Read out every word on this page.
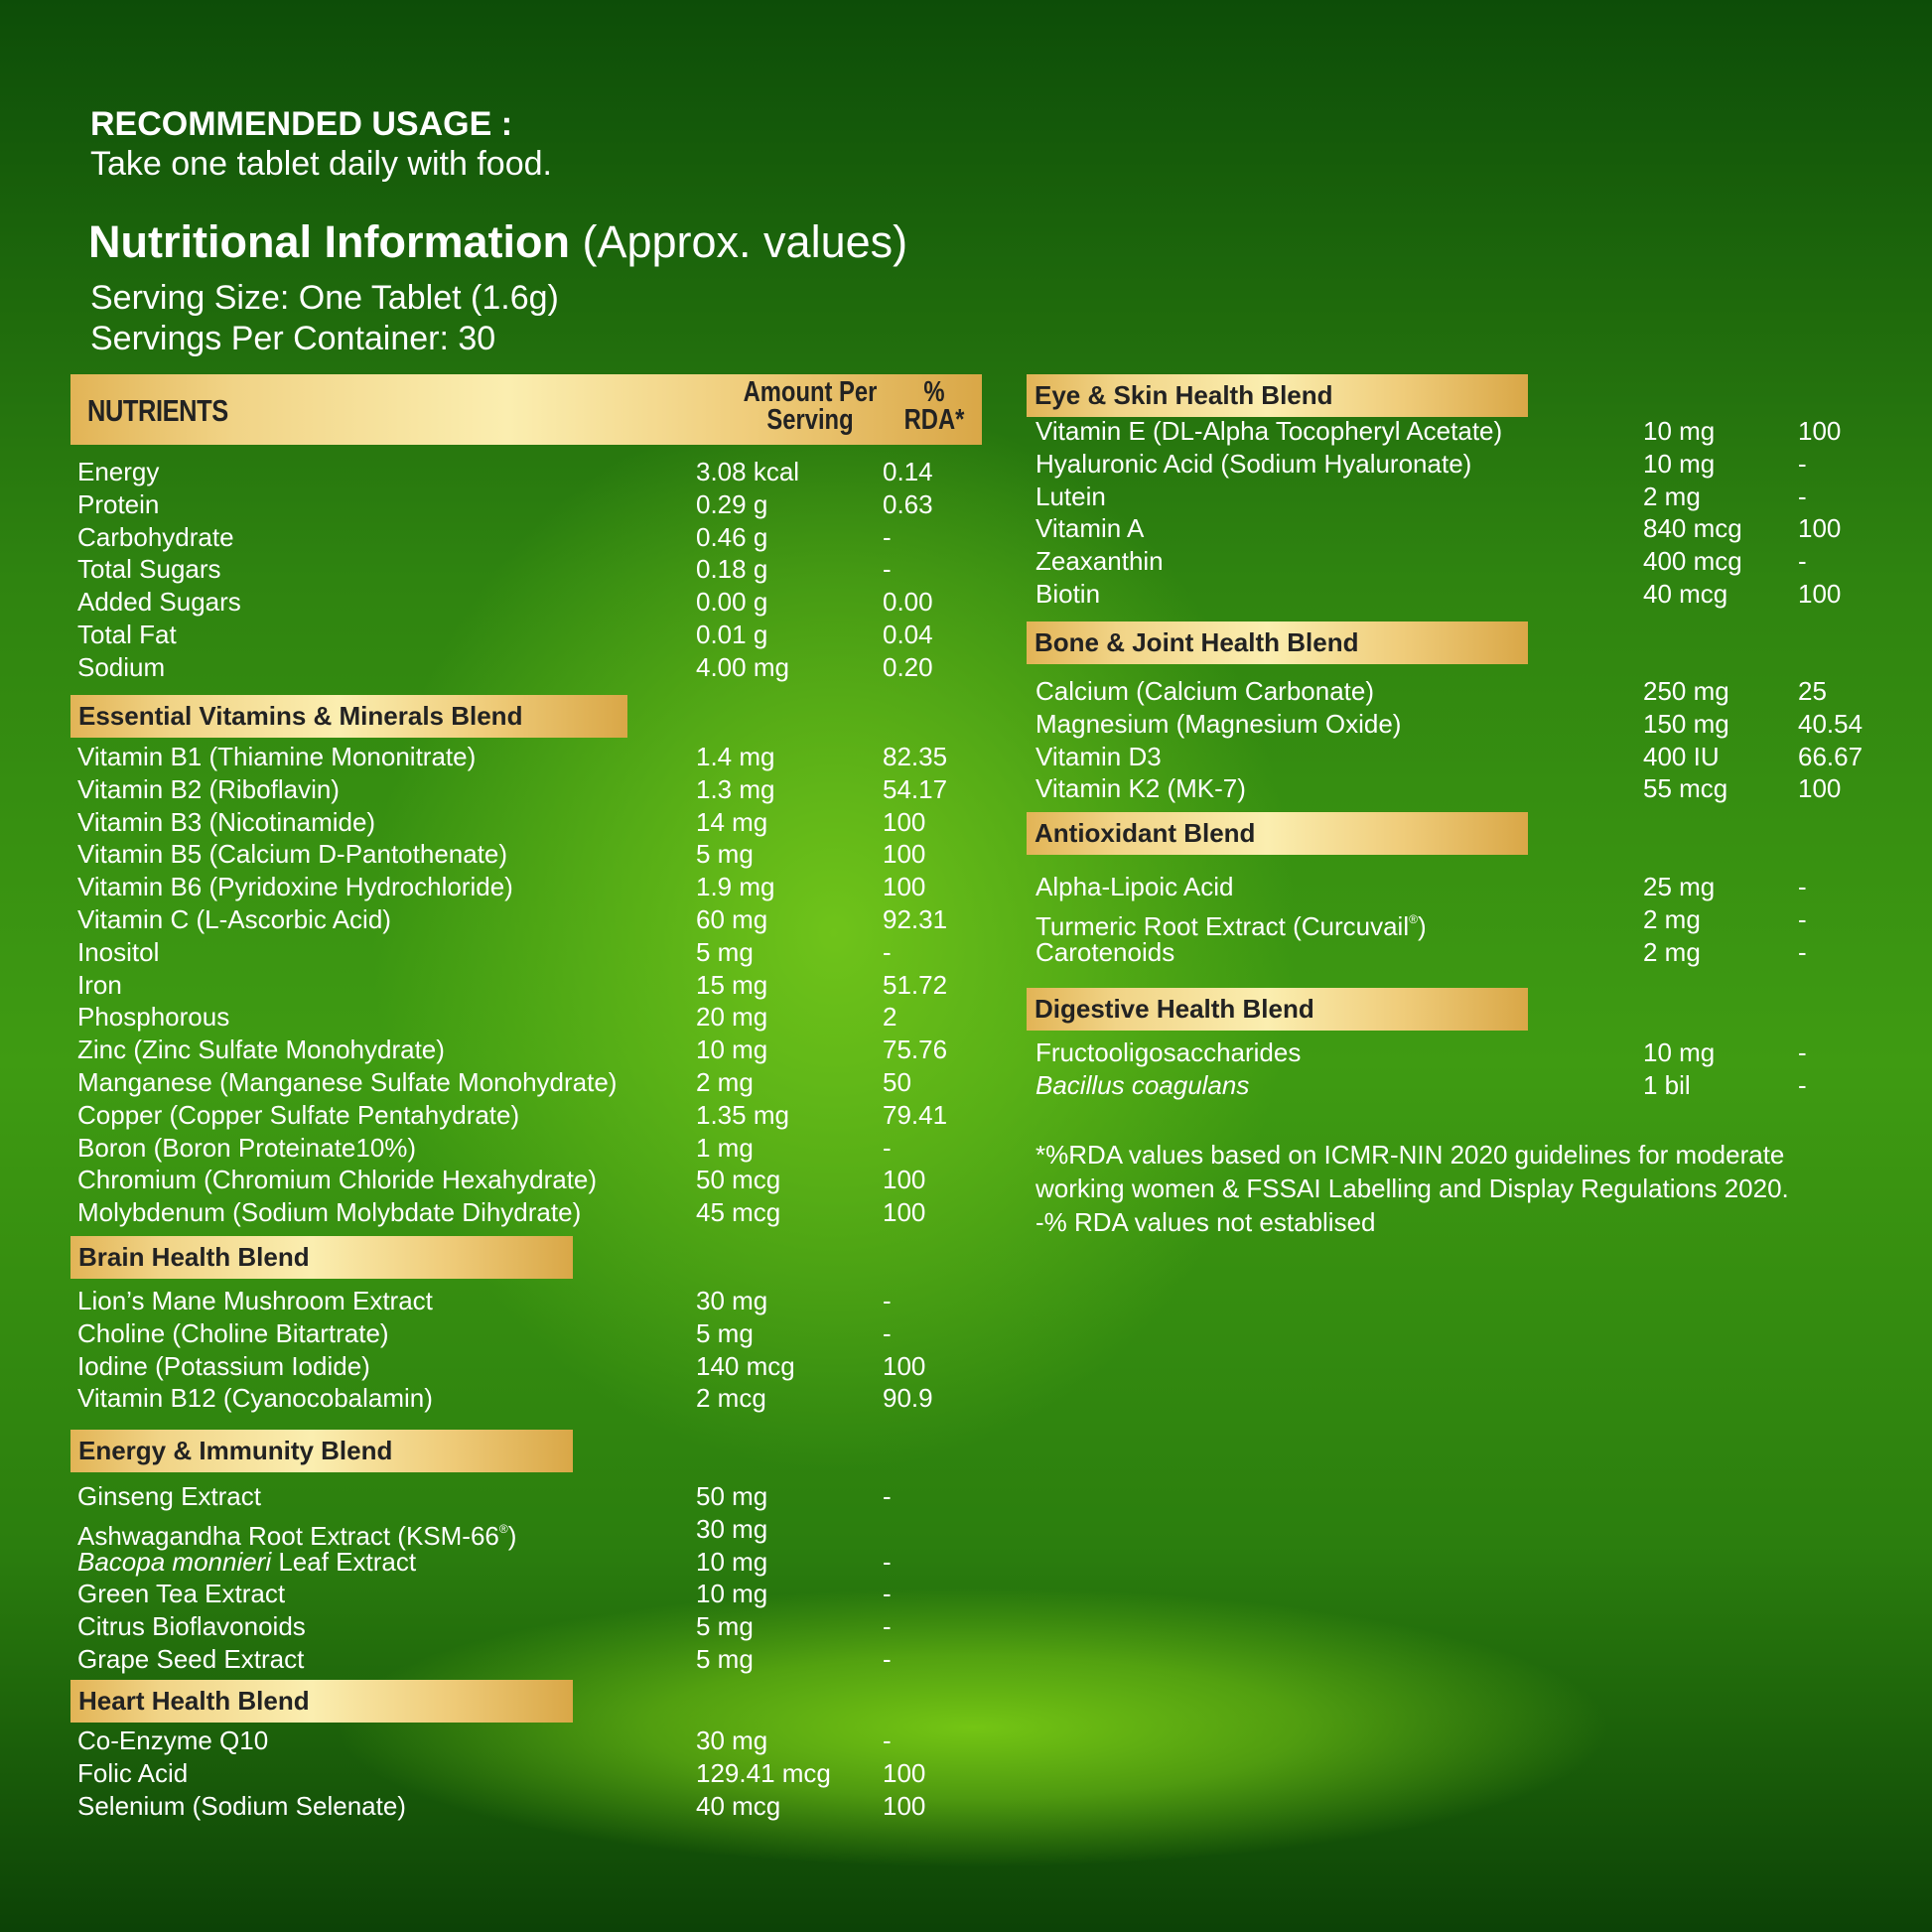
RECOMMENDED USAGE :
Take one tablet daily with food.
Nutritional Information (Approx. values)
Serving Size: One Tablet (1.6g)
Servings Per Container: 30
NUTRIENTS
Amount Per
Serving
%
RDA*
Energy	3.08 kcal	0.14
Protein	0.29 g	0.63
Carbohydrate	0.46 g	-
Total Sugars	0.18 g	-
Added Sugars	0.00 g	0.00
Total Fat	0.01 g	0.04
Sodium	4.00 mg	0.20
Essential Vitamins & Minerals Blend
Vitamin B1 (Thiamine Mononitrate)	1.4 mg	82.35
Vitamin B2 (Riboflavin)	1.3 mg	54.17
Vitamin B3 (Nicotinamide)	14 mg	100
Vitamin B5 (Calcium D-Pantothenate)	5 mg	100
Vitamin B6 (Pyridoxine Hydrochloride)	1.9 mg	100
Vitamin C (L-Ascorbic Acid)	60 mg	92.31
Inositol	5 mg	-
Iron	15 mg	51.72
Phosphorous	20 mg	2
Zinc (Zinc Sulfate Monohydrate)	10 mg	75.76
Manganese (Manganese Sulfate Monohydrate)	2 mg	50
Copper (Copper Sulfate Pentahydrate)	1.35 mg	79.41
Boron (Boron Proteinate10%)	1 mg	-
Chromium (Chromium Chloride Hexahydrate)	50 mcg	100
Molybdenum (Sodium Molybdate Dihydrate)	45 mcg	100
Brain Health Blend
Lion’s Mane Mushroom Extract	30 mg	-
Choline (Choline Bitartrate)	5 mg	-
Iodine (Potassium Iodide)	140 mcg	100
Vitamin B12 (Cyanocobalamin)	2 mcg	90.9
Energy & Immunity Blend
Ginseng Extract	50 mg	-
Ashwagandha Root Extract (KSM-66®)	30 mg
Bacopa monnieri Leaf Extract	10 mg	-
Green Tea Extract	10 mg	-
Citrus Bioflavonoids	5 mg	-
Grape Seed Extract	5 mg	-
Heart Health Blend
Co-Enzyme Q10	30 mg	-
Folic Acid	129.41 mcg 100
Selenium (Sodium Selenate)	40 mcg	100
Eye & Skin Health Blend
Vitamin E (DL-Alpha Tocopheryl Acetate)	10 mg	100
Hyaluronic Acid (Sodium Hyaluronate)	10 mg	-
Lutein	2 mg	-
Vitamin A	840 mcg 100
Zeaxanthin	400 mcg -
Biotin	40 mcg	100
Bone & Joint Health Blend
Calcium (Calcium Carbonate)	250 mg	25
Magnesium (Magnesium Oxide)	150 mg	40.54
Vitamin D3	400 IU	66.67
Vitamin K2 (MK-7)	55 mcg	100
Antioxidant Blend
Alpha-Lipoic Acid	25 mg	-
Turmeric Root Extract (Curcuvail®)	2 mg	-
Carotenoids	2 mg	-
Digestive Health Blend
Fructooligosaccharides	10 mg	-
Bacillus coagulans	1 bil	-
*%RDA values based on ICMR-NIN 2020 guidelines for moderate
working women & FSSAI Labelling and Display Regulations 2020.
-% RDA values not establised
